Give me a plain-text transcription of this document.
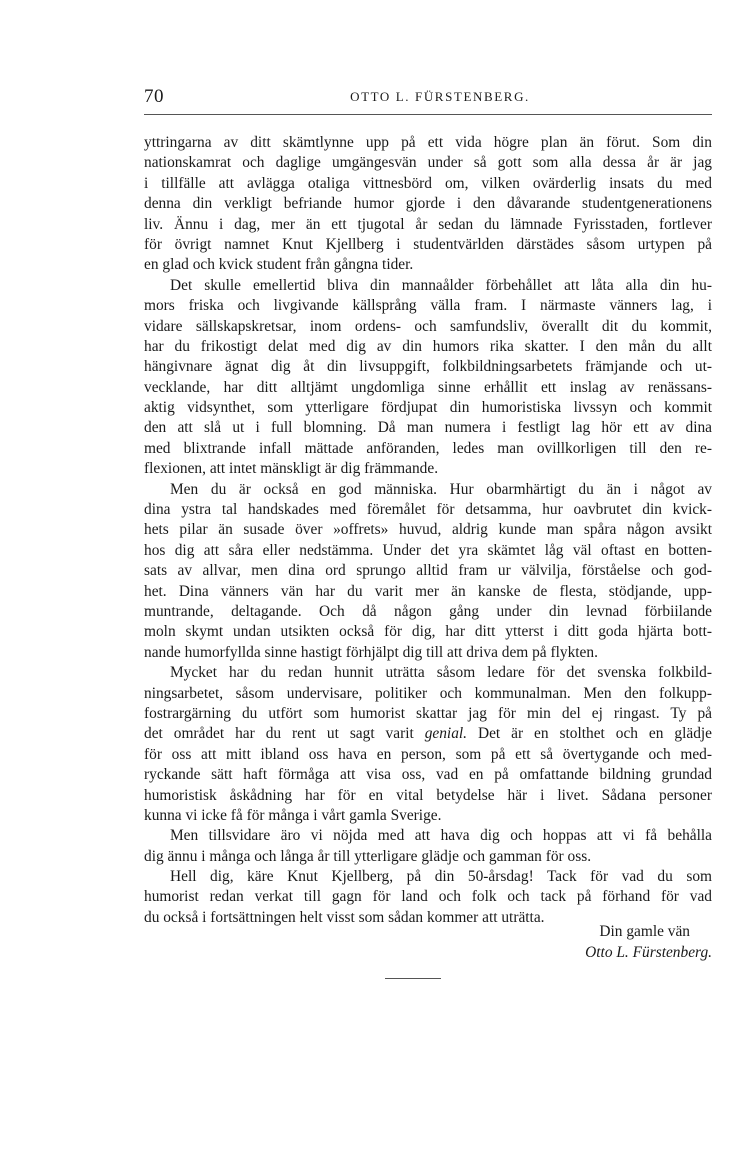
70	OTTO L. FÜRSTENBERG.
yttringarna av ditt skämtlynne upp på ett vida högre plan än förut. Som din
nationskamrat och daglige umgängesvän under så gott som alla dessa år är jag
i tillfälle att avlägga otaliga vittnesbörd om, vilken ovärderlig insats du med
denna din verkligt befriande humor gjorde i den dåvarande studentgenerationens
liv. Ännu i dag, mer än ett tjugotal år sedan du lämnade Fyrisstaden, fortlever
för övrigt namnet Knut Kjellberg i studentvärlden därstädes såsom urtypen på
en glad och kvick student från gångna tider.
Det skulle emellertid bliva din mannaålder förbehållet att låta alla din hu-
mors friska och livgivande källsprång välla fram. I närmaste vänners lag, i
vidare sällskapskretsar, inom ordens- och samfundsliv, överallt dit du kommit,
har du frikostigt delat med dig av din humors rika skatter. I den mån du allt
hängivnare ägnat dig åt din livsuppgift, folkbildningsarbetets främjande och ut-
vecklande, har ditt alltjämt ungdomliga sinne erhållit ett inslag av renässans-
aktig vidsynthet, som ytterligare fördjupat din humoristiska livssyn och kommit
den att slå ut i full blomning. Då man numera i festligt lag hör ett av dina
med blixtrande infall mättade anföranden, ledes man ovillkorligen till den re-
flexionen, att intet mänskligt är dig främmande.
Men du är också en god människa. Hur obarmhärtigt du än i något av
dina ystra tal handskades med föremålet för detsamma, hur oavbrutet din kvick-
hets pilar än susade över »offrets» huvud, aldrig kunde man spåra någon avsikt
hos dig att såra eller nedstämma. Under det yra skämtet låg väl oftast en botten-
sats av allvar, men dina ord sprungo alltid fram ur välvilja, förståelse och god-
het. Dina vänners vän har du varit mer än kanske de flesta, stödjande, upp-
muntrande, deltagande. Och då någon gång under din levnad förbiilande
moln skymt undan utsikten också för dig, har ditt ytterst i ditt goda hjärta bott-
nande humorfyllda sinne hastigt förhjälpt dig till att driva dem på flykten.
Mycket har du redan hunnit uträtta såsom ledare för det svenska folkbild-
ningsarbetet, såsom undervisare, politiker och kommunalman. Men den folkupp-
fostrargärning du utfört som humorist skattar jag för min del ej ringast. Ty på
det området har du rent ut sagt varit genial. Det är en stolthet och en glädje
för oss att mitt ibland oss hava en person, som på ett så övertygande och med-
ryckande sätt haft förmåga att visa oss, vad en på omfattande bildning grundad
humoristisk åskådning har för en vital betydelse här i livet. Sådana personer
kunna vi icke få för många i vårt gamla Sverige.
Men tillsvidare äro vi nöjda med att hava dig och hoppas att vi få behålla
dig ännu i många och långa år till ytterligare glädje och gamman för oss.
Hell dig, käre Knut Kjellberg, på din 50-årsdag! Tack för vad du som
humorist redan verkat till gagn för land och folk och tack på förhand för vad
du också i fortsättningen helt visst som sådan kommer att uträtta.
Din gamle vän
Otto L. Fürstenberg.
